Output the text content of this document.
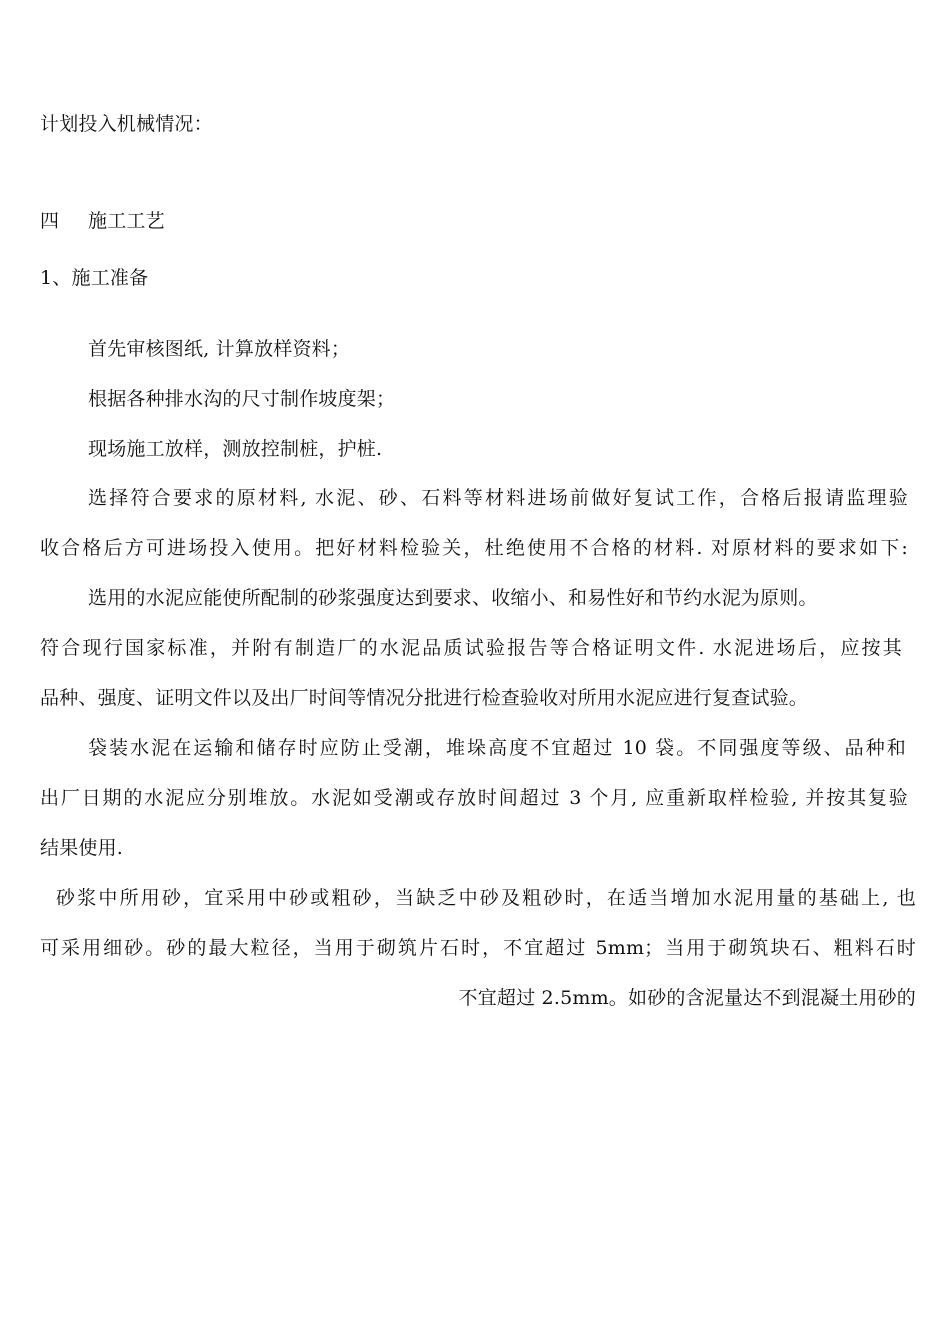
计划投入机械情况：
四 施工工艺
1、施工准备
首先审核图纸, 计算放样资料；
根据各种排水沟的尺寸制作坡度架；
现场施工放样，测放控制桩，护桩.
选择符合要求的原材料, 水泥、砂、石料等材料进场前做好复试工作，合格后报请监理验
收合格后方可进场投入使用。把好材料检验关，杜绝使用不合格的材料. 对原材料的要求如下:
选用的水泥应能使所配制的砂浆强度达到要求、收缩小、和易性好和节约水泥为原则。
符合现行国家标准，并附有制造厂的水泥品质试验报告等合格证明文件. 水泥进场后，应按其
品种、强度、证明文件以及出厂时间等情况分批进行检查验收对所用水泥应进行复查试验。
袋装水泥在运输和储存时应防止受潮，堆垛高度不宜超过 10 袋。不同强度等级、品种和
出厂日期的水泥应分别堆放。水泥如受潮或存放时间超过 3 个月, 应重新取样检验, 并按其复验
结果使用.
砂浆中所用砂，宜采用中砂或粗砂，当缺乏中砂及粗砂时，在适当增加水泥用量的基础上, 也
可采用细砂。砂的最大粒径，当用于砌筑片石时，不宜超过 5mm；当用于砌筑块石、粗料石时
不宜超过 2.5mm。如砂的含泥量达不到混凝土用砂的
